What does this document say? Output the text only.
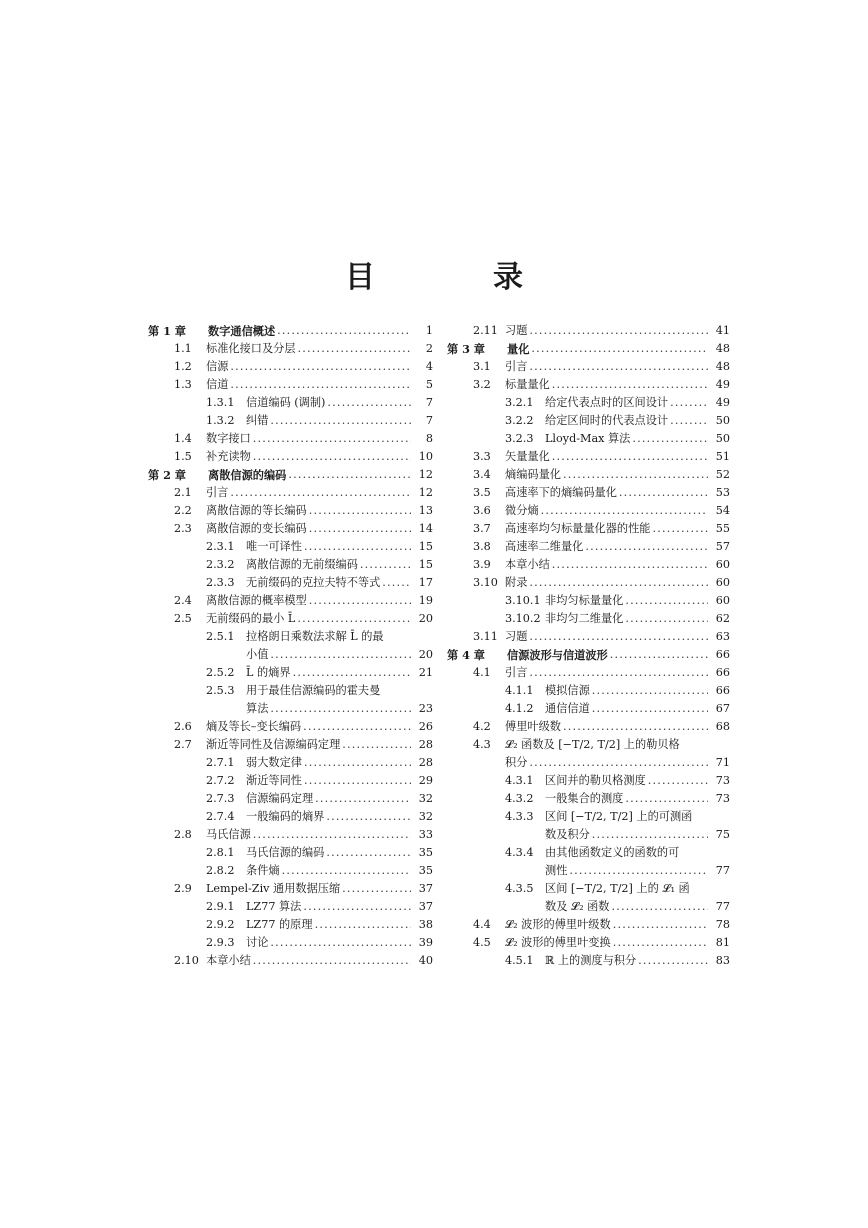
目　录
第 1 章 数字通信概述 .....	1
1.1 标准化接口及分层 .....	2
1.2 信源 .....	4
1.3 信道 .....	5
1.3.1 信道编码 (调制) .....	7
1.3.2 纠错 .....	7
1.4 数字接口 .....	8
1.5 补充读物 .....	10
第 2 章 离散信源的编码 .....	12
2.1 引言 .....	12
2.2 离散信源的等长编码 .....	13
2.3 离散信源的变长编码 .....	14
2.3.1 唯一可译性 .....	15
2.3.2 离散信源的无前缀编码 .....	15
2.3.3 无前缀码的克拉夫特不等式 .....	17
2.4 离散信源的概率模型 .....	19
2.5 无前缀码的最小 L̄ .....	20
2.5.1 拉格朗日乘数法求解 L̄ 的最
小值 .....	20
2.5.2 L̄ 的熵界 .....	21
2.5.3 用于最佳信源编码的霍夫曼
算法 .....	23
2.6 熵及等长–变长编码 .....	26
2.7 渐近等同性及信源编码定理 .....	28
2.7.1 弱大数定律 .....	28
2.7.2 渐近等同性 .....	29
2.7.3 信源编码定理 .....	32
2.7.4 一般编码的熵界 .....	32
2.8 马氏信源 .....	33
2.8.1 马氏信源的编码 .....	35
2.8.2 条件熵 .....	35
2.9 Lempel-Ziv 通用数据压缩 .....	37
2.9.1 LZ77 算法 .....	37
2.9.2 LZ77 的原理 .....	38
2.9.3 讨论 .....	39
2.10 本章小结 .....	40
2.11 习题 .....	41
第 3 章 量化 .....	48
3.1 引言 .....	48
3.2 标量量化 .....	49
3.2.1 给定代表点时的区间设计 .....	49
3.2.2 给定区间时的代表点设计 .....	50
3.2.3 Lloyd-Max 算法 .....	50
3.3 矢量量化 .....	51
3.4 熵编码量化 .....	52
3.5 高速率下的熵编码量化 .....	53
3.6 微分熵 .....	54
3.7 高速率均匀标量量化器的性能 .....	55
3.8 高速率二维量化 .....	57
3.9 本章小结 .....	60
3.10 附录 .....	60
3.10.1 非均匀标量量化 .....	60
3.10.2 非均匀二维量化 .....	62
3.11 习题 .....	63
第 4 章 信源波形与信道波形 .....	66
4.1 引言 .....	66
4.1.1 模拟信源 .....	66
4.1.2 通信信道 .....	67
4.2 傅里叶级数 .....	68
4.3 𝓛₂ 函数及 [−T/2, T/2] 上的勒贝格
积分 .....	71
4.3.1 区间并的勒贝格测度 .....	73
4.3.2 一般集合的测度 .....	73
4.3.3 区间 [−T/2, T/2] 上的可测函
数及积分 .....	75
4.3.4 由其他函数定义的函数的可
测性 .....	77
4.3.5 区间 [−T/2, T/2] 上的 𝓛₁ 函
数及 𝓛₂ 函数 .....	77
4.4 𝓛₂ 波形的傅里叶级数 .....	78
4.5 𝓛₂ 波形的傅里叶变换 .....	81
4.5.1 ℝ 上的测度与积分 .....	83
